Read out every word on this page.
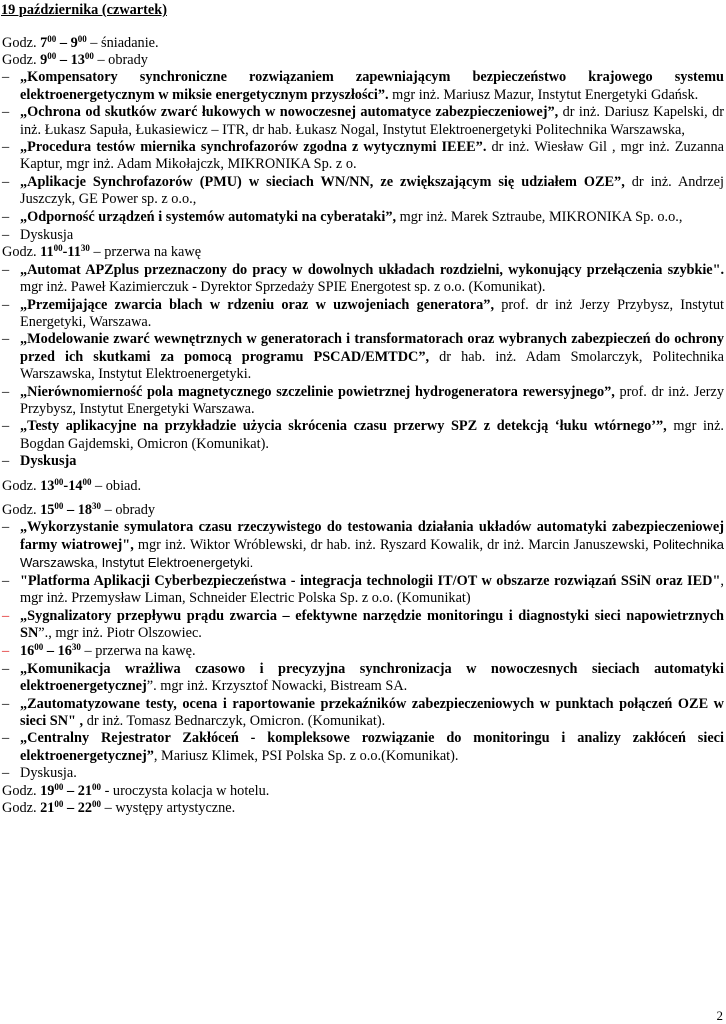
19 października (czwartek)
Godz. $7^{00} - 9^{00}$ – śniadanie.
Godz. $9^{00} - 13^{00}$ – obrady
– „Kompensatory synchroniczne rozwiązaniem zapewniającym bezpieczeństwo krajowego systemu elektroenergetycznym w miksie energetycznym przyszłości”. mgr inż. Mariusz Mazur, Instytut Energetyki Gdańsk.
– „Ochrona od skutków zwarć łukowych w nowoczesnej automatyce zabezpieczeniowej”, dr inż. Dariusz Kapelski, dr inż. Łukasz Sapuła, Łukasiewicz – ITR, dr hab. Łukasz Nogal, Instytut Elektroenergetyki Politechnika Warszawska,
– „Procedura testów miernika synchrofazorów zgodna z wytycznymi IEEE”. dr inż. Wiesław Gil , mgr inż. Zuzanna Kaptur, mgr inż. Adam Mikołajczk, MIKRONIKA Sp. z o.
– „Aplikacje Synchrofazorów (PMU) w sieciach WN/NN, ze zwiększającym się udziałem OZE”, dr inż. Andrzej Juszczyk, GE Power sp. z o.o.,
– „Odporność urządzeń i systemów automatyki na cyberataki”, mgr inż. Marek Sztraube, MIKRONIKA Sp. o.o.,
– Dyskusja
Godz. $11^{00}-11^{30}$ – przerwa na kawę
– „Automat APZplus przeznaczony do pracy w dowolnych układach rozdzielni, wykonujący przełączenia szybkie". mgr inż. Paweł Kazimierczuk - Dyrektor Sprzedaży SPIE Energotest sp. z o.o. (Komunikat).
– „Przemijające zwarcia blach w rdzeniu oraz w uzwojeniach generatora”, prof. dr inż Jerzy Przybysz, Instytut Energetyki, Warszawa.
– „Modelowanie zwarć wewnętrznych w generatorach i transformatorach oraz wybranych zabezpieczeń do ochrony przed ich skutkami za pomocą programu PSCAD/EMTDC”, dr hab. inż. Adam Smolarczyk, Politechnika Warszawska, Instytut Elektroenergetyki.
– „Nierównomierność pola magnetycznego szczelinie powietrznej hydrogeneratora rewersyjnego”, prof. dr inż. Jerzy Przybysz, Instytut Energetyki Warszawa.
– „Testy aplikacyjne na przykładzie użycia skrócenia czasu przerwy SPZ z detekcją ‘łuku wtórnego’”, mgr inż. Bogdan Gajdemski, Omicron (Komunikat).
– Dyskusja
Godz. $13^{00}-14^{00}$ – obiad.
Godz. $15^{00} - 18^{30}$ – obrady
– „Wykorzystanie symulatora czasu rzeczywistego do testowania działania układów automatyki zabezpieczeniowej farmy wiatrowej", mgr inż. Wiktor Wróblewski, dr hab. inż. Ryszard Kowalik, dr inż. Marcin Januszewski, Politechnika Warszawska, Instytut Elektroenergetyki.
– "Platforma Aplikacji Cyberbezpieczeństwa - integracja technologii IT/OT w obszarze rozwiązań SSiN oraz IED", mgr inż. Przemysław Liman, Schneider Electric Polska Sp. z o.o. (Komunikat)
– „Sygnalizatory przepływu prądu zwarcia – efektywne narzędzie monitoringu i diagnostyki sieci napowietrznych SN”., mgr inż. Piotr Olszowiec.
– $16^{00} - 16^{30}$ – przerwa na kawę.
– „Komunikacja wrażliwa czasowo i precyzyjna synchronizacja w nowoczesnych sieciach automatyki elektroenergetycznej”. mgr inż. Krzysztof Nowacki, Bistream SA.
– „Zautomatyzowane testy, ocena i raportowanie przekaźników zabezpieczeniowych w punktach połączeń OZE w sieci SN" , dr inż. Tomasz Bednarczyk, Omicron. (Komunikat).
– „Centralny Rejestrator Zakłóceń - kompleksowe rozwiązanie do monitoringu i analizy zakłóceń sieci elektroenergetycznej”, Mariusz Klimek, PSI Polska Sp. z o.o.(Komunikat).
– Dyskusja.
Godz. $19^{00} - 21^{00}$ - uroczysta kolacja w hotelu.
Godz. $21^{00} - 22^{00}$ – występy artystyczne.
2
